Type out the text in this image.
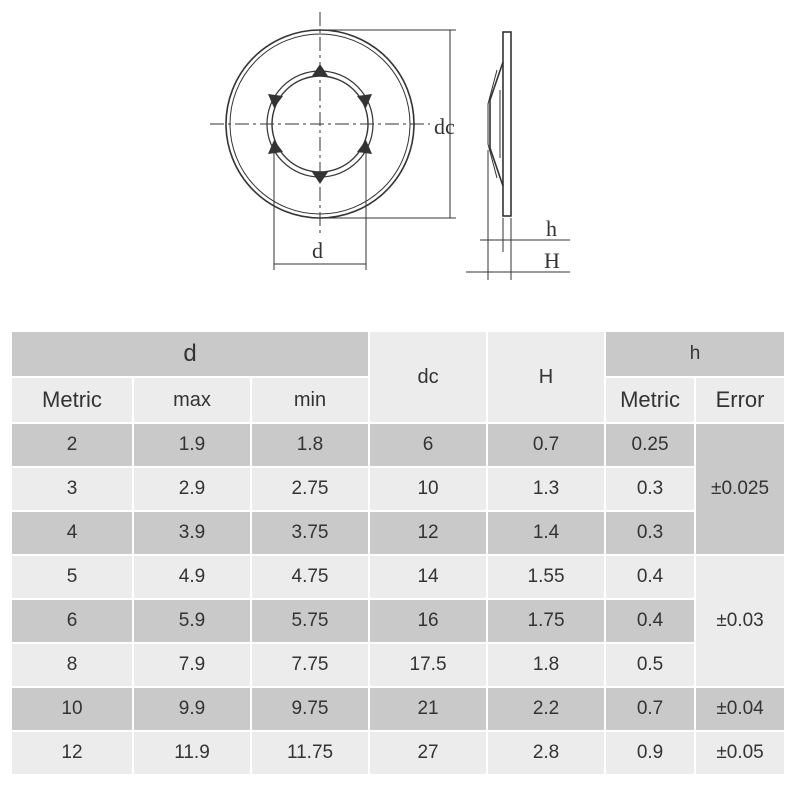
dc
d
h
H
d			dc	H	h	
Metric	max	min			Metric	Error
2	1.9	1.8	6	0.7	0.25	±0.025
3	2.9	2.75	10	1.3	0.3	
4	3.9	3.75	12	1.4	0.3	
5	4.9	4.75	14	1.55	0.4	±0.03
6	5.9	5.75	16	1.75	0.4	
8	7.9	7.75	17.5	1.8	0.5	
10	9.9	9.75	21	2.2	0.7	±0.04
12	11.9	11.75	27	2.8	0.9	±0.05
